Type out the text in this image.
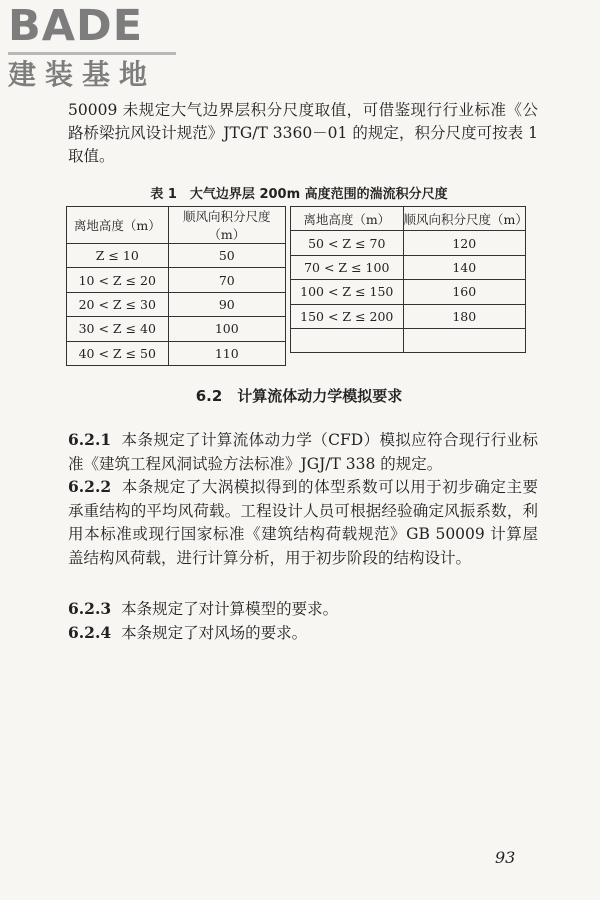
BADE
建装基地

50009 未规定大气边界层积分尺度取值，可借鉴现行行业标准《公路桥梁抗风设计规范》JTG/T 3360－01 的规定，积分尺度可按表 1 取值。

表 1　大气边界层 200m 高度范围的湍流积分尺度
离地高度（m）	顺风向积分尺度（m）
Z ≤ 10	50
10 < Z ≤ 20	70
20 < Z ≤ 30	90
30 < Z ≤ 40	100
40 < Z ≤ 50	110
离地高度（m）	顺风向积分尺度（m）
50 < Z ≤ 70	120
70 < Z ≤ 100	140
100 < Z ≤ 150	160
150 < Z ≤ 200	180

6.2　计算流体动力学模拟要求

6.2.1 本条规定了计算流体动力学（CFD）模拟应符合现行行业标准《建筑工程风洞试验方法标准》JGJ/T 338 的规定。

6.2.2 本条规定了大涡模拟得到的体型系数可以用于初步确定主要承重结构的平均风荷载。工程设计人员可根据经验确定风振系数，利用本标准或现行国家标准《建筑结构荷载规范》GB 50009 计算屋盖结构风荷载，进行计算分析，用于初步阶段的结构设计。

6.2.3 本条规定了对计算模型的要求。

6.2.4 本条规定了对风场的要求。

93
